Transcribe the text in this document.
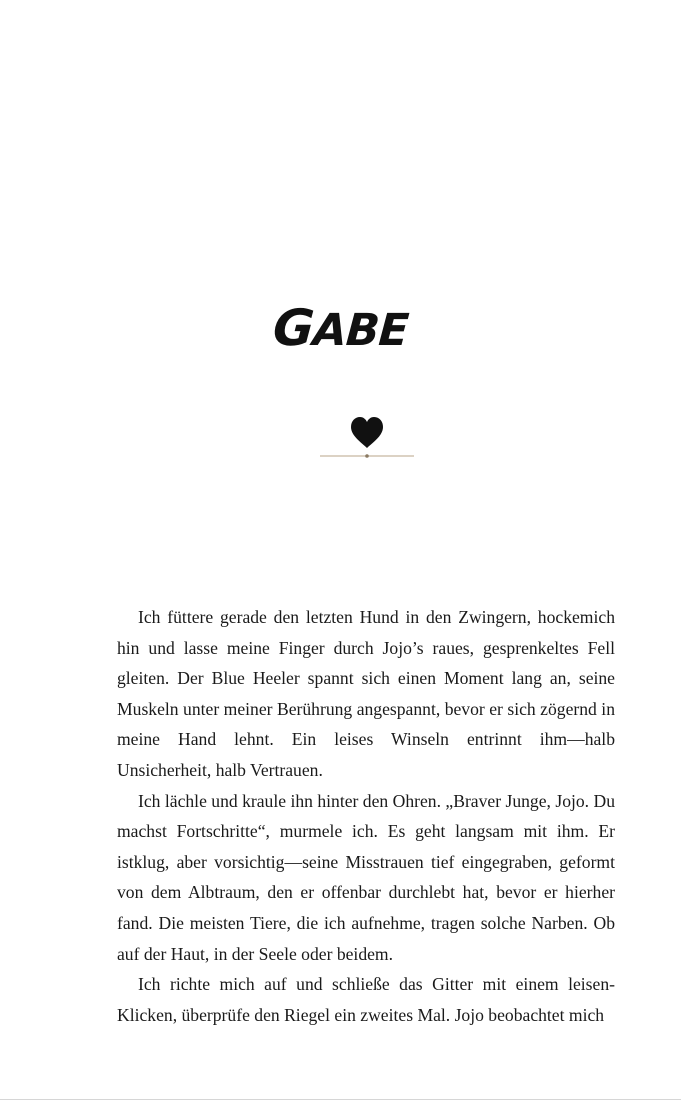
GABE

Ich füttere gerade den letzten Hund in den Zwingern, hockemich hin und lasse meine Finger durch Jojo’s raues, gesprenkeltes Fell gleiten. Der Blue Heeler spannt sich einen Moment lang an, seine Muskeln unter meiner Berührung angespannt, bevor er sich zögernd in meine Hand lehnt. Ein leises Winseln entrinnt ihm—halb Unsicherheit, halb Vertrauen.

Ich lächle und kraule ihn hinter den Ohren. „Braver Junge, Jojo. Du machst Fortschritte“, murmele ich. Es geht langsam mit ihm. Er istklug, aber vorsichtig—seine Misstrauen tief eingegraben, geformt von dem Albtraum, den er offenbar durchlebt hat, bevor er hierher fand. Die meisten Tiere, die ich aufnehme, tragen solche Narben. Ob auf der Haut, in der Seele oder beidem.

Ich richte mich auf und schließe das Gitter mit einem leisen-Klicken, überprüfe den Riegel ein zweites Mal. Jojo beobachtet mich
